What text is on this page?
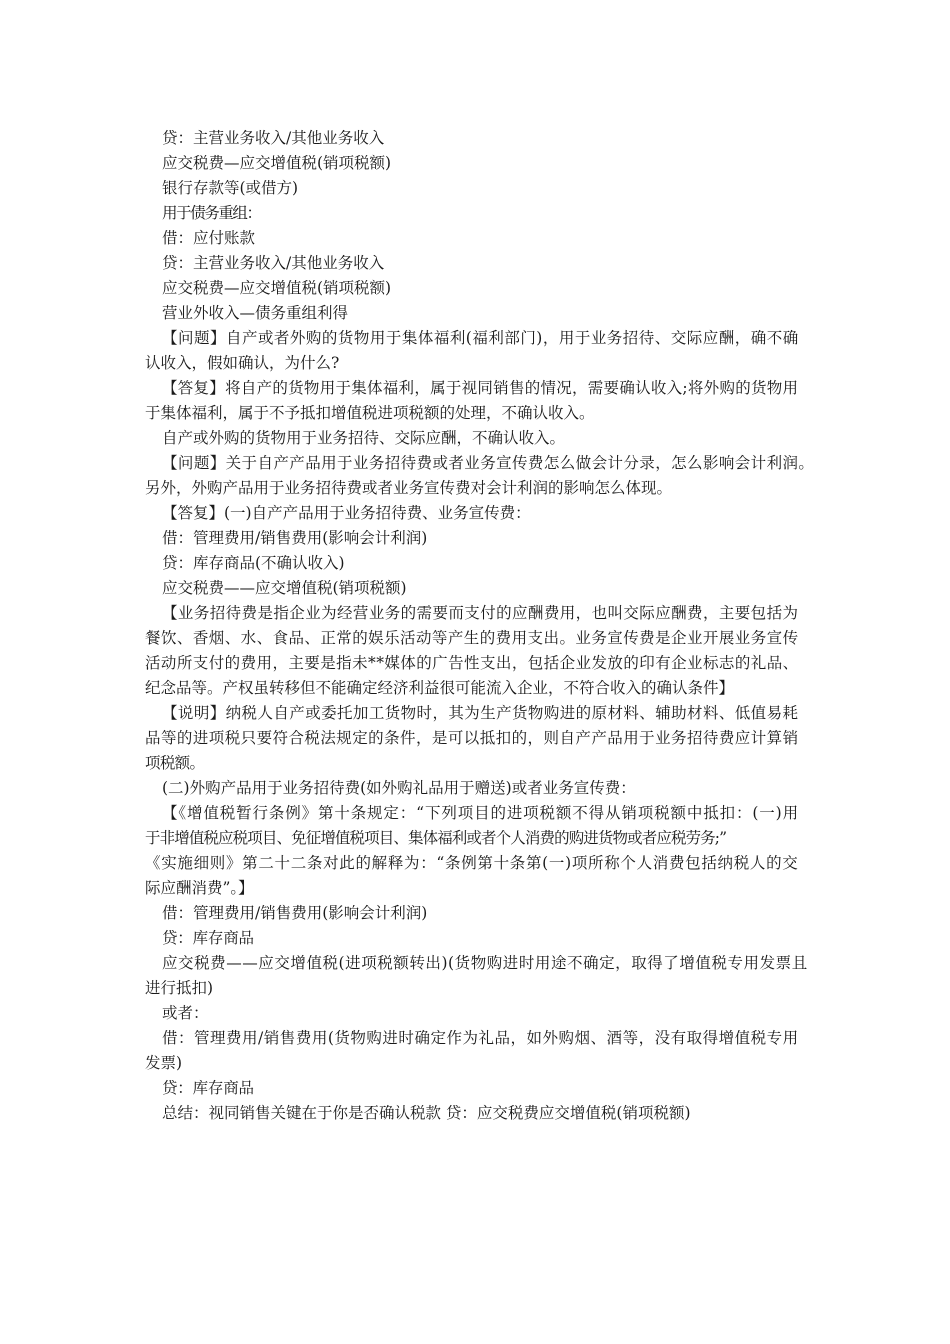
贷：主营业务收入/其他业务收入
应交税费—应交增值税(销项税额)
银行存款等(或借方)
用于债务重组：
借：应付账款
贷：主营业务收入/其他业务收入
应交税费—应交增值税(销项税额)
营业外收入—债务重组利得
【问题】自产或者外购的货物用于集体福利(福利部门)，用于业务招待、交际应酬，确不确
认收入，假如确认，为什么?
【答复】将自产的货物用于集体福利，属于视同销售的情况，需要确认收入;将外购的货物用
于集体福利，属于不予抵扣增值税进项税额的处理，不确认收入。
自产或外购的货物用于业务招待、交际应酬，不确认收入。
【问题】关于自产产品用于业务招待费或者业务宣传费怎么做会计分录，怎么影响会计利润。
另外，外购产品用于业务招待费或者业务宣传费对会计利润的影响怎么体现。
【答复】(一)自产产品用于业务招待费、业务宣传费：
借：管理费用/销售费用(影响会计利润)
贷：库存商品(不确认收入)
应交税费——应交增值税(销项税额)
【业务招待费是指企业为经营业务的需要而支付的应酬费用，也叫交际应酬费，主要包括为
餐饮、香烟、水、食品、正常的娱乐活动等产生的费用支出。业务宣传费是企业开展业务宣传
活动所支付的费用，主要是指未**媒体的广告性支出，包括企业发放的印有企业标志的礼品、
纪念品等。产权虽转移但不能确定经济利益很可能流入企业，不符合收入的确认条件】
【说明】纳税人自产或委托加工货物时，其为生产货物购进的原材料、辅助材料、低值易耗
品等的进项税只要符合税法规定的条件，是可以抵扣的，则自产产品用于业务招待费应计算销
项税额。
(二)外购产品用于业务招待费(如外购礼品用于赠送)或者业务宣传费：
【《增值税暂行条例》第十条规定：“下列项目的进项税额不得从销项税额中抵扣：(一)用
于非增值税应税项目、免征增值税项目、集体福利或者个人消费的购进货物或者应税劳务;”
《实施细则》第二十二条对此的解释为：“条例第十条第(一)项所称个人消费包括纳税人的交
际应酬消费”。】
借：管理费用/销售费用(影响会计利润)
贷：库存商品
应交税费——应交增值税(进项税额转出)(货物购进时用途不确定，取得了增值税专用发票且
进行抵扣)
或者：
借：管理费用/销售费用(货物购进时确定作为礼品，如外购烟、酒等，没有取得增值税专用
发票)
贷：库存商品
总结：视同销售关键在于你是否确认税款 贷：应交税费应交增值税(销项税额)
